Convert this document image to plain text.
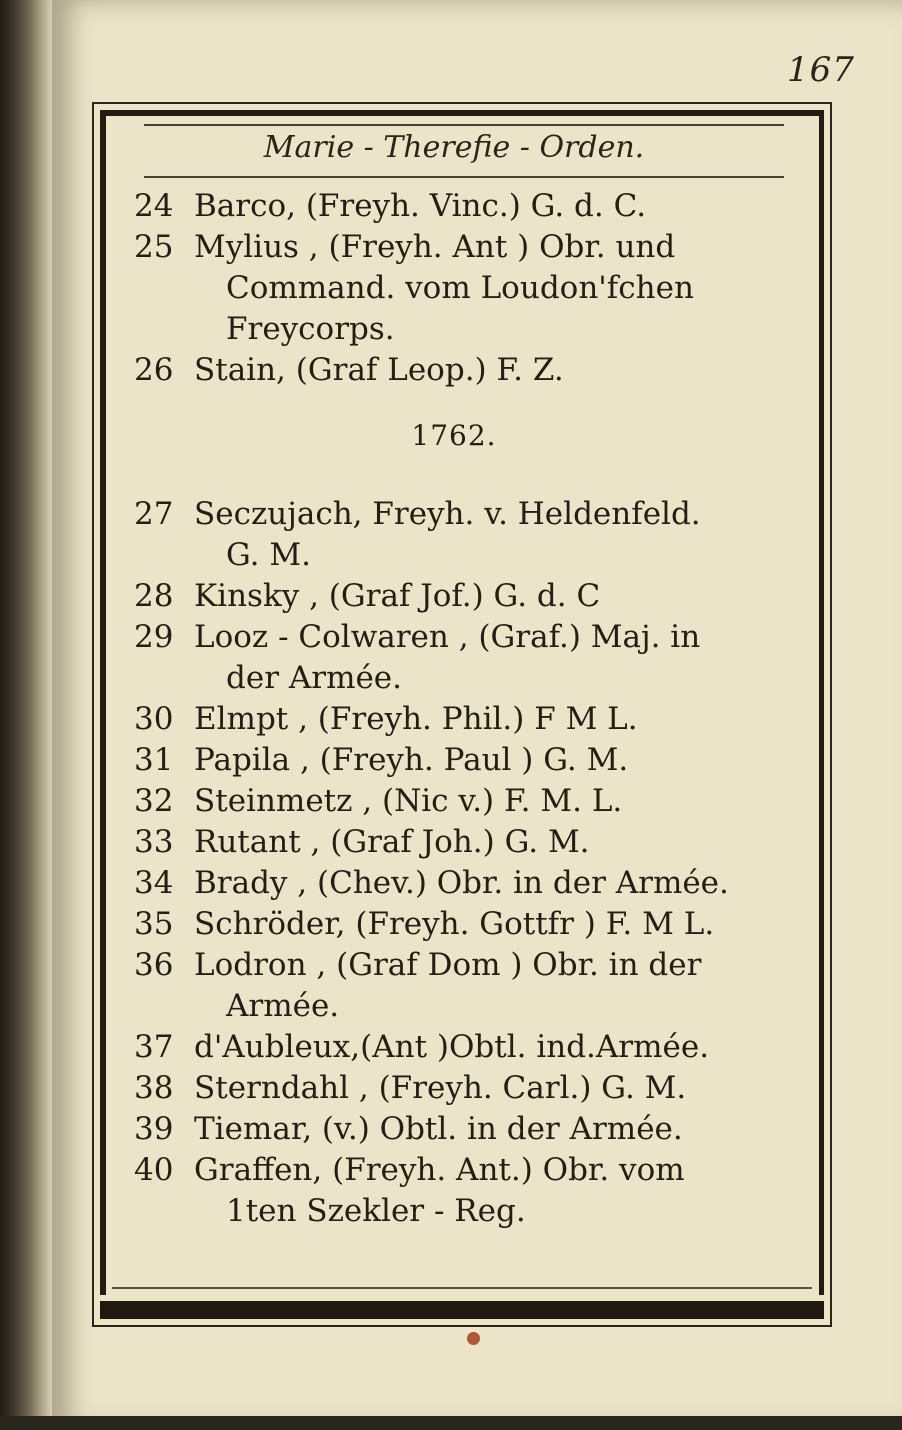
167
Marie - Therefie - Orden.
24 Barco, (Freyh. Vinc.) G. d. C.
25 Mylius , (Freyh. Ant ) Obr. und
Command. vom Loudon'fchen
Freycorps.
26 Stain, (Graf Leop.) F. Z.
1762.
27 Seczujach, Freyh. v. Heldenfeld.
G. M.
28 Kinsky , (Graf Jof.) G. d. C
29 Looz - Colwaren , (Graf.) Maj. in
der Armée.
30 Elmpt , (Freyh. Phil.) F M L.
31 Papila , (Freyh. Paul ) G. M.
32 Steinmetz , (Nic v.) F. M. L.
33 Rutant , (Graf Joh.) G. M.
34 Brady , (Chev.) Obr. in der Armée.
35 Schröder, (Freyh. Gottfr ) F. M L.
36 Lodron , (Graf Dom ) Obr. in der
Armée.
37 d'Aubleux,(Ant )Obtl. ind.Armée.
38 Sterndahl , (Freyh. Carl.) G. M.
39 Tiemar, (v.) Obtl. in der Armée.
40 Graffen, (Freyh. Ant.) Obr. vom
1ten Szekler - Reg.
